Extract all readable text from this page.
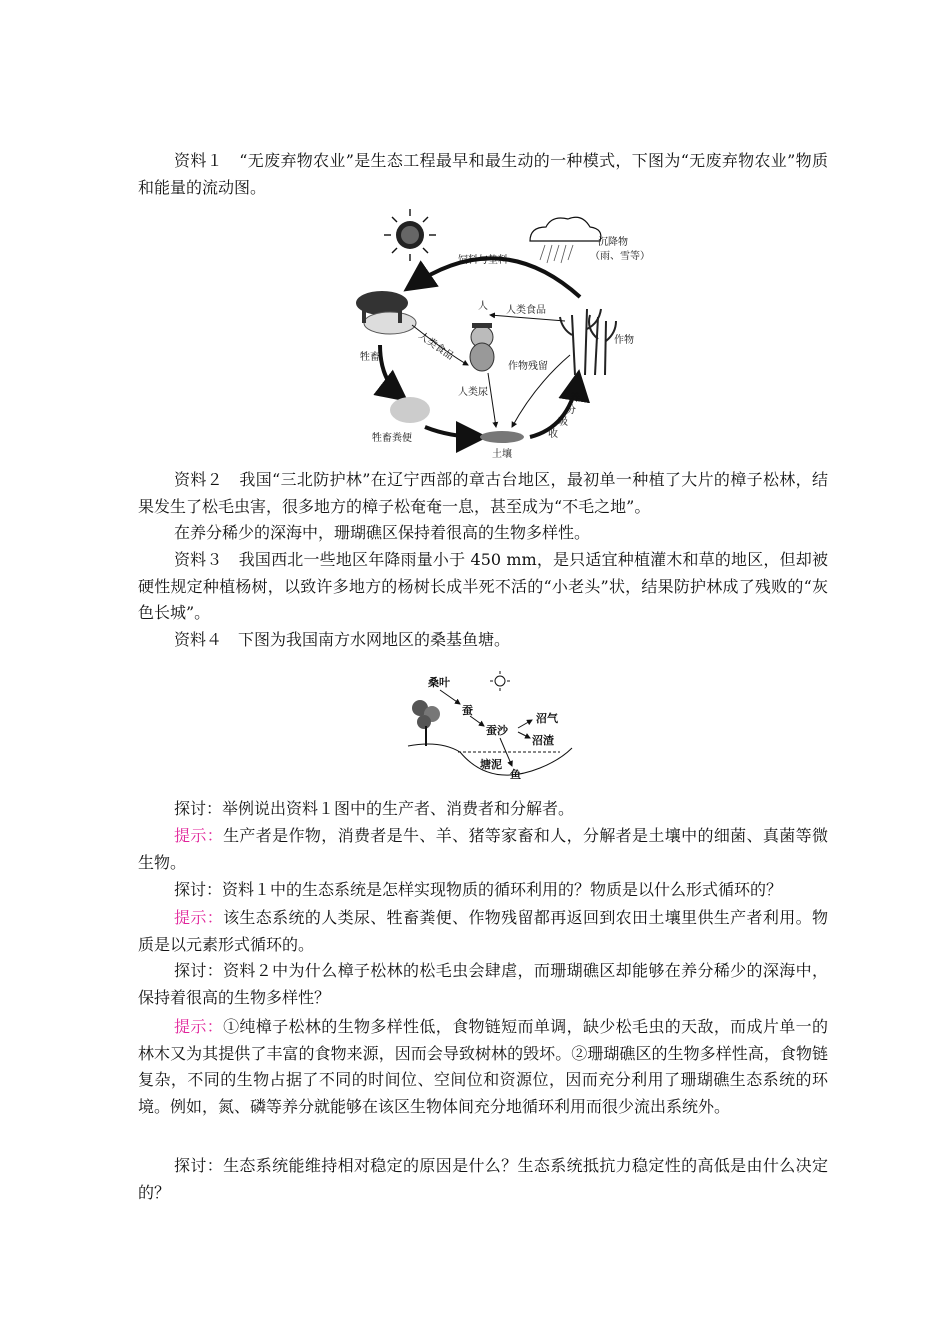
资料１　 “无废弃物农业”是生态工程最早和最生动的一种模式，下图为“无废弃物农业”物质和能量的流动图。

沉降物
（雨、雪等）
饲料与垫料
牲畜
牲畜粪便
土壤
人
作物
人类食品
人类食品
人类尿
作物残留
养
分
吸
收

资料２　 我国“三北防护林”在辽宁西部的章古台地区，最初单一种植了大片的樟子松林，结果发生了松毛虫害，很多地方的樟子松奄奄一息，甚至成为“不毛之地”。

在养分稀少的深海中，珊瑚礁区保持着很高的生物多样性。

资料３　 我国西北一些地区年降雨量小于 450 mm，是只适宜种植灌木和草的地区，但却被硬性规定种植杨树，以致许多地方的杨树长成半死不活的“小老头”状，结果防护林成了残败的“灰色长城”。

资料４　 下图为我国南方水网地区的桑基鱼塘。

桑叶
蚕
蚕沙
沼气
沼渣
塘泥
鱼

探讨：举例说出资料１图中的生产者、消费者和分解者。

提示：生产者是作物，消费者是牛、羊、猪等家畜和人，分解者是土壤中的细菌、真菌等微生物。

探讨：资料１中的生态系统是怎样实现物质的循环利用的？物质是以什么形式循环的？

提示：该生态系统的人类尿、牲畜粪便、作物残留都再返回到农田土壤里供生产者利用。物质是以元素形式循环的。

探讨：资料２中为什么樟子松林的松毛虫会肆虐，而珊瑚礁区却能够在养分稀少的深海中，保持着很高的生物多样性？

提示：①纯樟子松林的生物多样性低，食物链短而单调，缺少松毛虫的天敌，而成片单一的林木又为其提供了丰富的食物来源，因而会导致树林的毁坏。②珊瑚礁区的生物多样性高，食物链复杂，不同的生物占据了不同的时间位、空间位和资源位，因而充分利用了珊瑚礁生态系统的环境。例如，氮、磷等养分就能够在该区生物体间充分地循环利用而很少流出系统外。

探讨：生态系统能维持相对稳定的原因是什么？生态系统抵抗力稳定性的高低是由什么决定的？
